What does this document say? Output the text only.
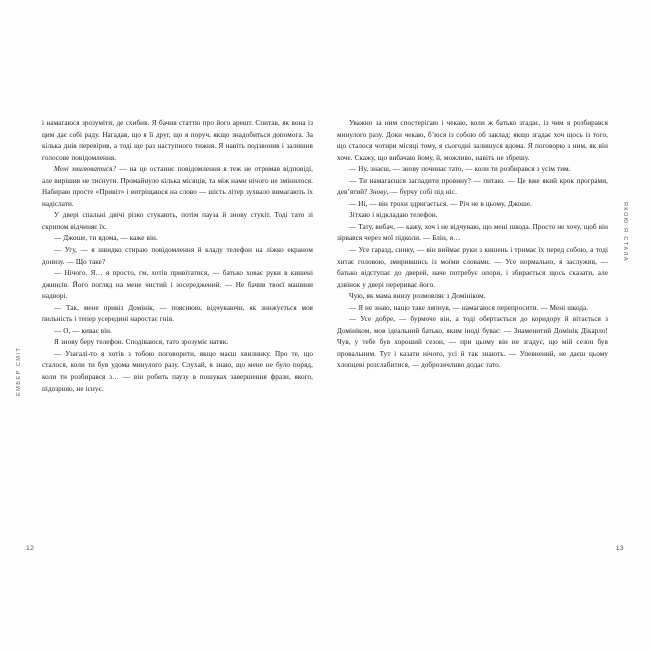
ЕМБЕР СМІТ

і намагаюся зрозуміти, де схибив. Я бачив статтю про його арешт. Спитав, як вона із цим дає собі раду. Нагадав, що я її друг, що я поруч, якщо знадобиться допомога. За кілька днів перевірив, а тоді ще раз наступного тижня. Я навіть подзвонив і залишив голосове повідомлення.

Мені хвилюватися? — на це останнє повідомлення я теж не отримав відповіді, але вирішив не тиснути. Промайнуло кілька місяців, та між нами нічого не змінилося. Набираю просте «Привіт» і витріщаюся на слово — шість літер зухвало вимагають їх надіслати.

У двері спальні двічі різко стукають, потім пауза й знову стукіт. Тоді тато зі скрипом відчиняє їх.

— Джоше, ти вдома, — каже він.

— Угу, — я швидко стираю повідомлення й кладу телефон на ліжко екраном донизу. — Що таке?

— Нічого. Я… я просто, гм, хотів привітатися, — батько ховає руки в кишені джинсів. Його погляд на мене чистий і зосереджений. — Не бачив твоєї машини надворі.

— Так, мене привіз Домінік, — пояснюю, відчуваючи, як знижується моя пильність і тепер усередині наростає гнів.

— О, — киває він.

Я знову беру телефон. Сподіваюся, тато зрозуміє натяк.

— Узагалі-то я хотів з тобою поговорити, якщо маєш хвилинку. Про те, що сталося, коли ти був удома минулого разу. Слухай, я знаю, що мене не було поряд, коли ти розбирався з… — він робить паузу в пошуках завершення фрази, якого, підозрюю, не існує.

12
ЯКОЮ Я СТАЛА

Уважно за ним спостерігаю і чекаю, коли ж батько згадає, із чим я розбирався минулого разу. Доки чекаю, б’юся із собою об заклад: якщо згадає хоч щось із того, що сталося чотири місяці тому, я сьогодні залишуся вдома. Я поговорю з ним, як він хоче. Скажу, що вибачаю йому, й, можливо, навіть не збрешу.

— Ну, знаєш, — знову починає тато, — коли ти розбирався з усім тим.

— Ти намагаєшся загладити провину? — питаю. — Це вже який крок програми, дев’ятий? Знову, — бурчу собі під ніс.

— Ні, — він трохи здригається. — Річ не в цьому, Джоше.

Зітхаю і відкладаю телефон.

— Тату, вибач, — кажу, хоч і не відчуваю, що мені шкода. Просто не хочу, щоб він зірвався через мої підколи. — Блін, я…

— Усе гаразд, синку, — він виймає руки з кишень і тримає їх перед собою, а тоді хитає головою, змирившись із моїми словами. — Усе нормально, я заслужив, — батько відступає до дверей, наче потребує опори, і збирається щось сказати, але дзвінок у двері перериває його.

Чую, як мама внизу розмовляє з Домініком.

— Я не знаю, нащо таке ляпнув, — намагаюся перепросити. — Мені шкода.

— Усе добре, — бурмоче він, а тоді обертається до коридору й вітається з Домініком, мов ідеальний батько, яким іноді буває: — Знаменитий Домінік Дікарло! Чув, у тебе був хороший сезон, — при цьому він не згадує, що мій сезон був провальним. Тут і казати нічого, усі й так знають. — Упевнений, не даєш цьому хлопцеві розслабитися, — доброзичливо додає тато.

13
